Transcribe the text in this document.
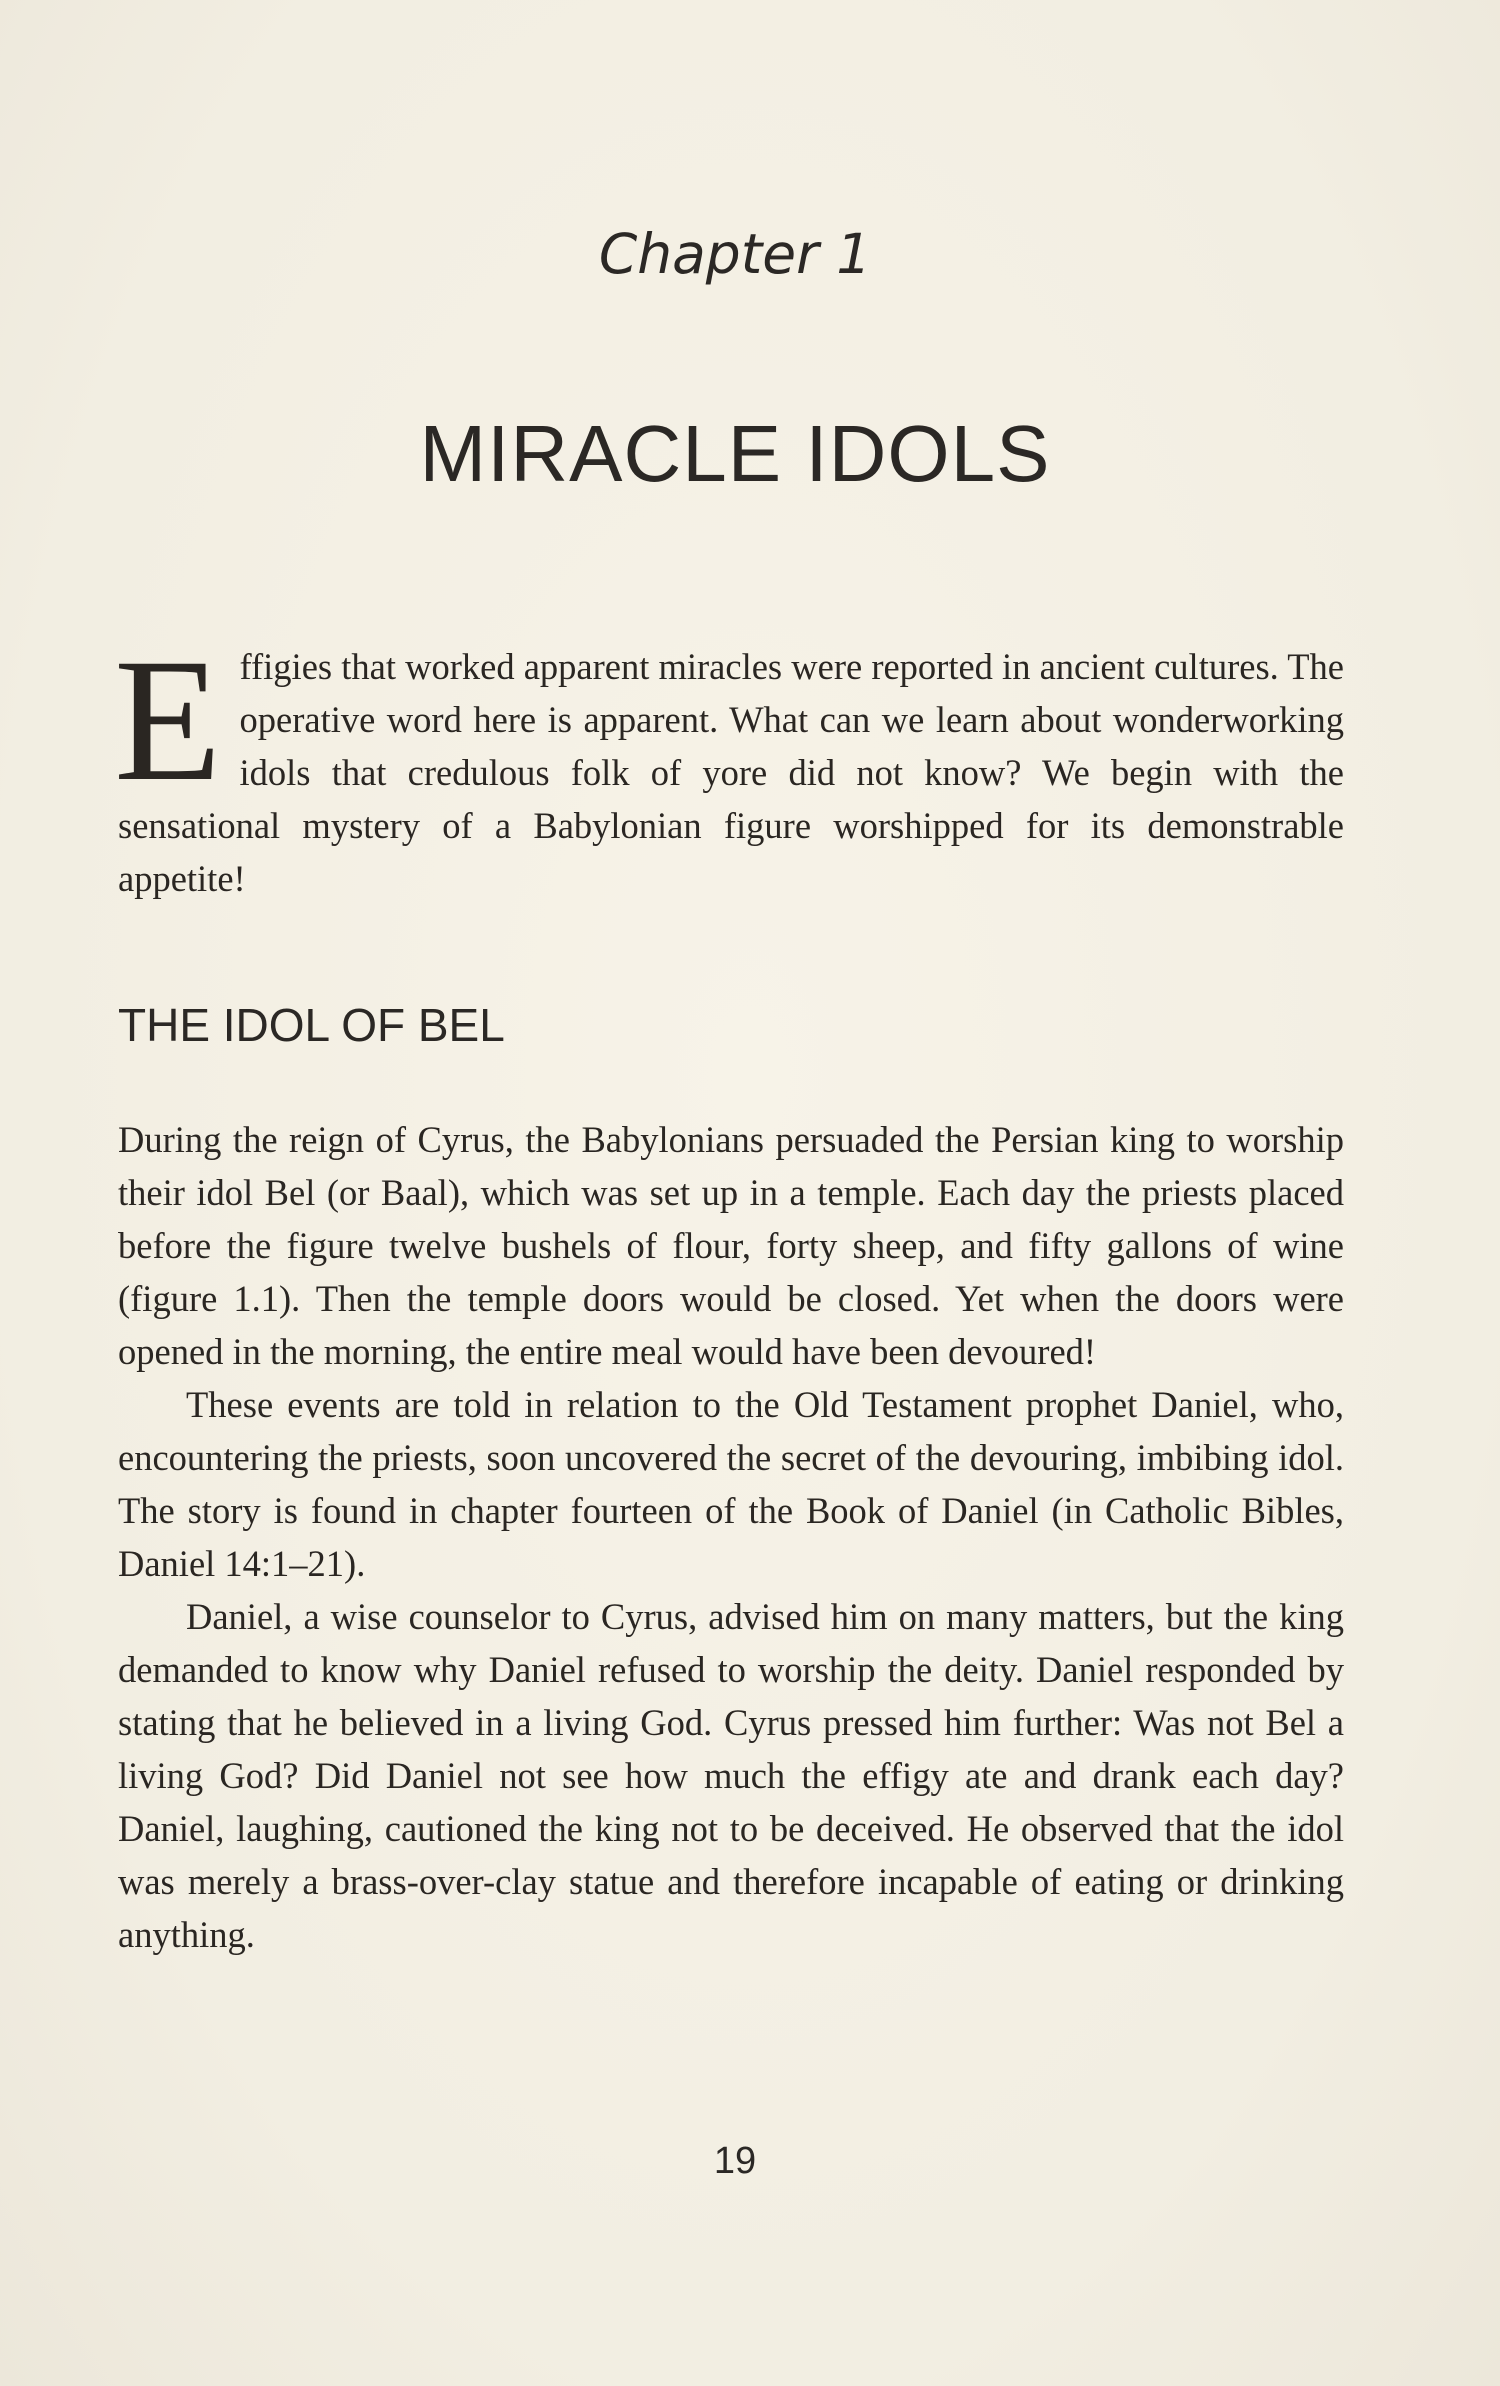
Chapter 1
MIRACLE IDOLS

Effigies that worked apparent miracles were reported in ancient cultures. The operative word here is apparent. What can we learn about wonderworking idols that credulous folk of yore did not know? We begin with the sensational mystery of a Babylonian figure worshipped for its demonstrable appetite!

THE IDOL OF BEL

During the reign of Cyrus, the Babylonians persuaded the Persian king to worship their idol Bel (or Baal), which was set up in a temple. Each day the priests placed before the figure twelve bushels of flour, forty sheep, and fifty gallons of wine (figure 1.1). Then the temple doors would be closed. Yet when the doors were opened in the morning, the entire meal would have been devoured!

These events are told in relation to the Old Testament prophet Daniel, who, encountering the priests, soon uncovered the secret of the devouring, imbibing idol. The story is found in chapter fourteen of the Book of Daniel (in Catholic Bibles, Daniel 14:1–21).

Daniel, a wise counselor to Cyrus, advised him on many matters, but the king demanded to know why Daniel refused to worship the deity. Daniel responded by stating that he believed in a living God. Cyrus pressed him further: Was not Bel a living God? Did Daniel not see how much the effigy ate and drank each day? Daniel, laughing, cautioned the king not to be deceived. He observed that the idol was merely a brass-over-clay statue and therefore incapable of eating or drinking anything.

19
